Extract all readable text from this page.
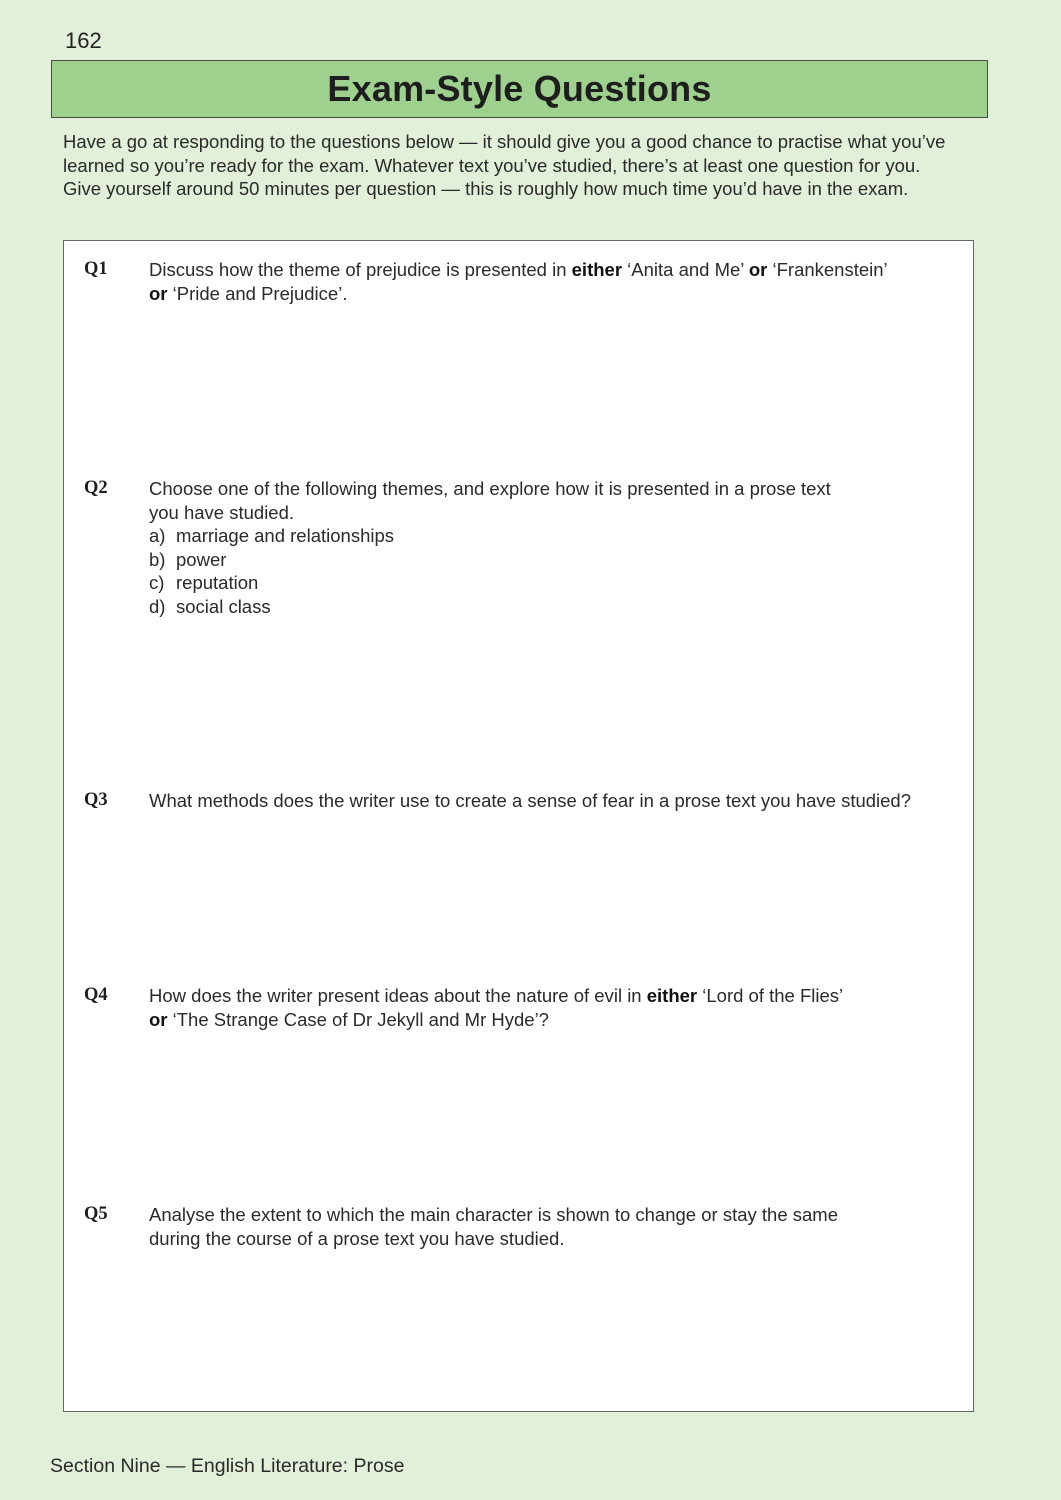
162
Exam-Style Questions
Have a go at responding to the questions below — it should give you a good chance to practise what you’ve
learned so you’re ready for the exam. Whatever text you’ve studied, there’s at least one question for you.
Give yourself around 50 minutes per question — this is roughly how much time you’d have in the exam.
Q1 Discuss how the theme of prejudice is presented in either ‘Anita and Me’ or ‘Frankenstein’
or ‘Pride and Prejudice’.
Q2 Choose one of the following themes, and explore how it is presented in a prose text
you have studied.
a) marriage and relationships
b) power
c) reputation
d) social class
Q3 What methods does the writer use to create a sense of fear in a prose text you have studied?
Q4 How does the writer present ideas about the nature of evil in either ‘Lord of the Flies’
or ‘The Strange Case of Dr Jekyll and Mr Hyde’?
Q5 Analyse the extent to which the main character is shown to change or stay the same
during the course of a prose text you have studied.
Section Nine — English Literature: Prose
